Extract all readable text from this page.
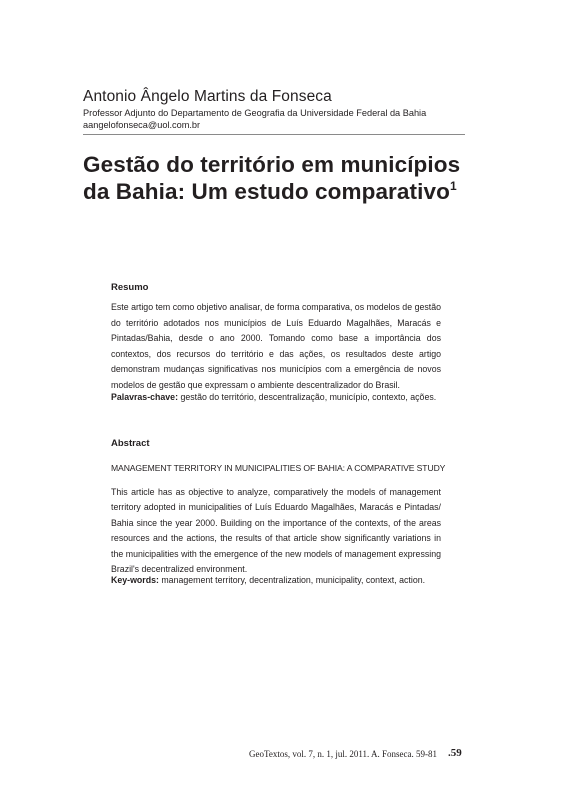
Antonio Ângelo Martins da Fonseca

Professor Adjunto do Departamento de Geografia da Universidade Federal da Bahia

aangelofonseca@uol.com.br

Gestão do território em municípios
da Bahia: Um estudo comparativo$^1$
Resumo

Este artigo tem como objetivo analisar, de forma comparativa, os modelos de gestão do território adotados nos municípios de Luís Eduardo Magalhães, Maracás e Pintadas/Bahia, desde o ano 2000. Tomando como base a importância dos contextos, dos recursos do território e das ações, os resultados deste artigo demonstram mudanças significativas nos municípios com a emergência de novos modelos de gestão que expressam o ambiente descentralizador do Brasil.

Palavras-chave: gestão do território, descentralização, município, contexto, ações.

Abstract

MANAGEMENT TERRITORY IN MUNICIPALITIES OF BAHIA: A COMPARATIVE STUDY

This article has as objective to analyze, comparatively the models of management territory adopted in municipalities of Luís Eduardo Magalhães, Maracás e Pintadas/ Bahia since the year 2000. Building on the importance of the contexts, of the areas resources and the actions, the results of that article show significantly variations in the municipalities with the emergence of the new models of management expressing Brazil's decentralized environment.

Key-words: management territory, decentralization, municipality, context, action.

GeoTextos, vol. 7, n. 1, jul. 2011. A. Fonseca. 59-81 .59
